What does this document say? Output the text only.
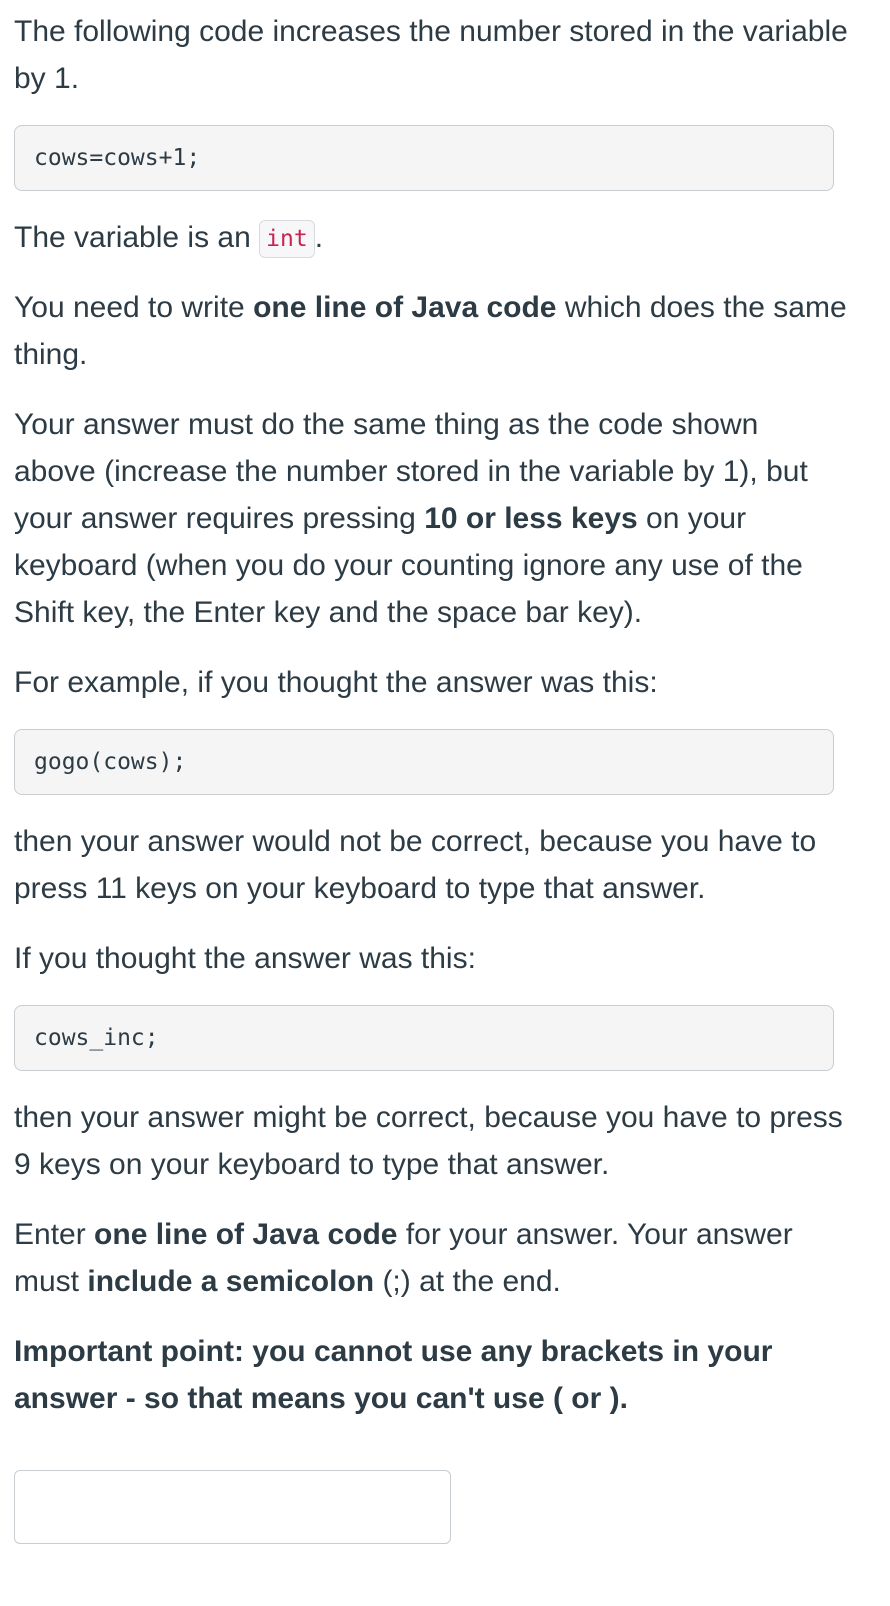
The following code increases the number stored in the variable by 1.

cows=cows+1;

The variable is an int .

You need to write one line of Java code which does the same thing.

Your answer must do the same thing as the code shown above (increase the number stored in the variable by 1), but your answer requires pressing 10 or less keys on your keyboard (when you do your counting ignore any use of the Shift key, the Enter key and the space bar key).

For example, if you thought the answer was this:

gogo(cows);

then your answer would not be correct, because you have to press 11 keys on your keyboard to type that answer.

If you thought the answer was this:

cows_inc;

then your answer might be correct, because you have to press 9 keys on your keyboard to type that answer.

Enter one line of Java code for your answer. Your answer must include a semicolon (;) at the end.

Important point: you cannot use any brackets in your answer - so that means you can't use ( or ).
